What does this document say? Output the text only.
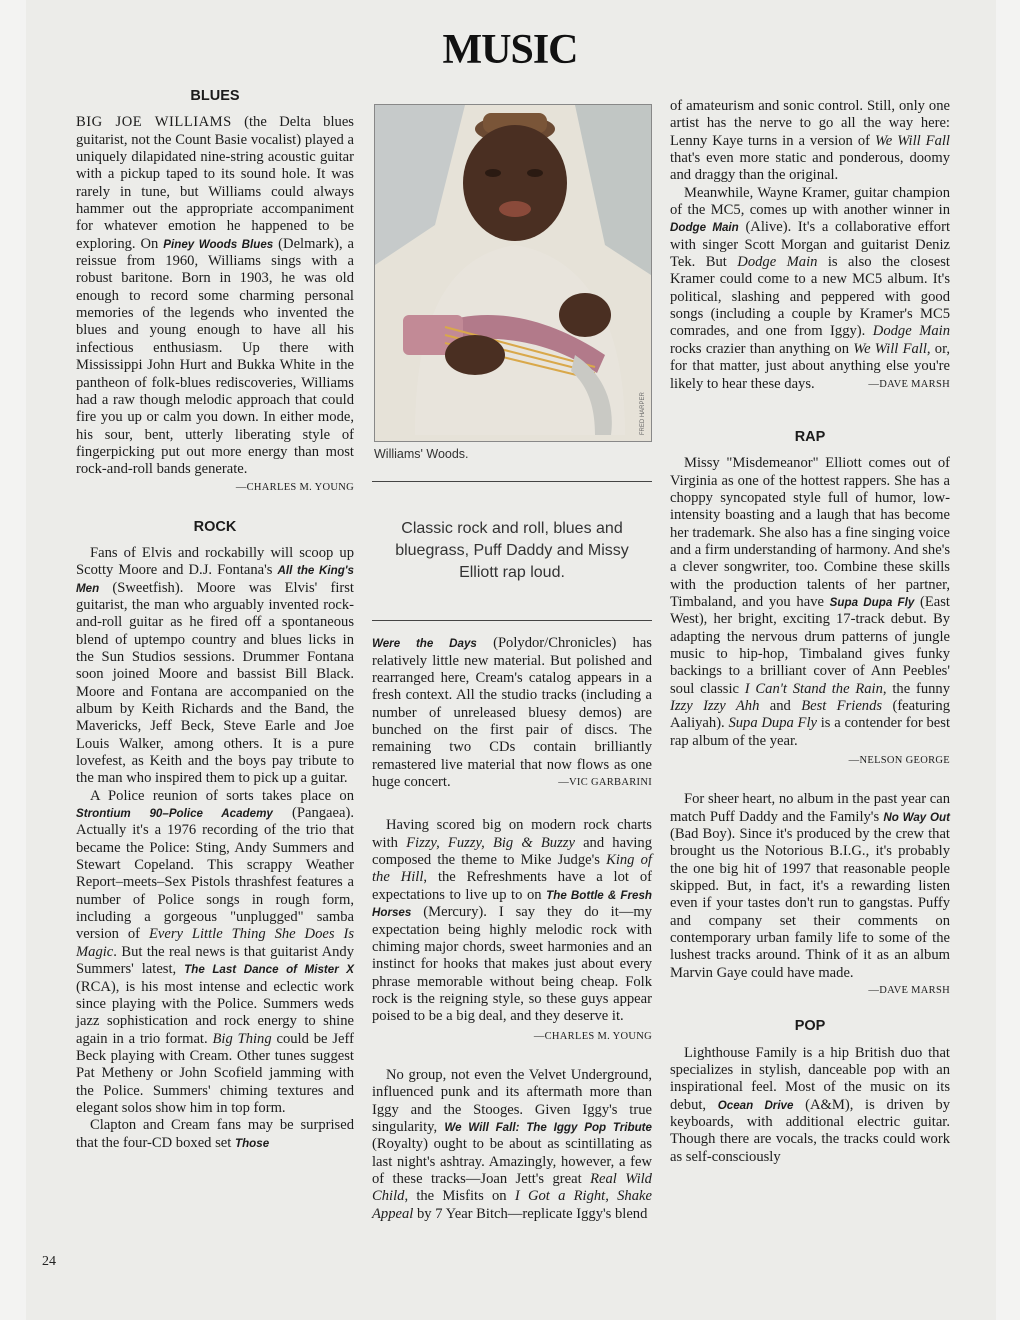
MUSIC
BLUES

BIG JOE WILLIAMS (the Delta blues guitarist, not the Count Basie vocalist) played a uniquely dilapidated nine-string acoustic guitar with a pickup taped to its sound hole. It was rarely in tune, but Williams could always hammer out the appropriate accompaniment for whatever emotion he happened to be exploring. On Piney Woods Blues (Delmark), a reissue from 1960, Williams sings with a robust baritone. Born in 1903, he was old enough to record some charming personal memories of the legends who invented the blues and young enough to have all his infectious enthusiasm. Up there with Mississippi John Hurt and Bukka White in the pantheon of folk-blues rediscoveries, Williams had a raw though melodic approach that could fire you up or calm you down. In either mode, his sour, bent, utterly liberating style of fingerpicking put out more energy than most rock-and-roll bands generate.
—CHARLES M. YOUNG

ROCK

Fans of Elvis and rockabilly will scoop up Scotty Moore and D.J. Fontana's All the King's Men (Sweetfish). Moore was Elvis' first guitarist, the man who arguably invented rock-and-roll guitar as he fired off a spontaneous blend of uptempo country and blues licks in the Sun Studios sessions. Drummer Fontana soon joined Moore and bassist Bill Black. Moore and Fontana are accompanied on the album by Keith Richards and the Band, the Mavericks, Jeff Beck, Steve Earle and Joe Louis Walker, among others. It is a pure lovefest, as Keith and the boys pay tribute to the man who inspired them to pick up a guitar.

A Police reunion of sorts takes place on Strontium 90–Police Academy (Pangaea). Actually it's a 1976 recording of the trio that became the Police: Sting, Andy Summers and Stewart Copeland. This scrappy Weather Report–meets–Sex Pistols thrashfest features a number of Police songs in rough form, including a gorgeous "unplugged" samba version of Every Little Thing She Does Is Magic. But the real news is that guitarist Andy Summers' latest, The Last Dance of Mister X (RCA), is his most intense and eclectic work since playing with the Police. Summers weds jazz sophistication and rock energy to shine again in a trio format. Big Thing could be Jeff Beck playing with Cream. Other tunes suggest Pat Metheny or John Scofield jamming with the Police. Summers' chiming textures and elegant solos show him in top form.

Clapton and Cream fans may be surprised that the four-CD boxed set Those

FRED HARPER
Williams' Woods.
Classic rock and roll, blues and bluegrass, Puff Daddy and Missy Elliott rap loud.

Were the Days (Polydor/Chronicles) has relatively little new material. But polished and rearranged here, Cream's catalog appears in a fresh context. All the studio tracks (including a number of unreleased bluesy demos) are bunched on the first pair of discs. The remaining two CDs contain brilliantly remastered live material that now flows as one huge concert.	—VIC GARBARINI

Having scored big on modern rock charts with Fizzy, Fuzzy, Big & Buzzy and having composed the theme to Mike Judge's King of the Hill, the Refreshments have a lot of expectations to live up to on The Bottle & Fresh Horses (Mercury). I say they do it—my expectation being highly melodic rock with chiming major chords, sweet harmonies and an instinct for hooks that makes just about every phrase memorable without being cheap. Folk rock is the reigning style, so these guys appear poised to be a big deal, and they deserve it.

—CHARLES M. YOUNG

No group, not even the Velvet Underground, influenced punk and its aftermath more than Iggy and the Stooges. Given Iggy's true singularity, We Will Fall: The Iggy Pop Tribute (Royalty) ought to be about as scintillating as last night's ashtray. Amazingly, however, a few of these tracks—Joan Jett's great Real Wild Child, the Misfits on I Got a Right, Shake Appeal by 7 Year Bitch—replicate Iggy's blend

of amateurism and sonic control. Still, only one artist has the nerve to go all the way here: Lenny Kaye turns in a version of We Will Fall that's even more static and ponderous, doomy and draggy than the original.

Meanwhile, Wayne Kramer, guitar champion of the MC5, comes up with another winner in Dodge Main (Alive). It's a collaborative effort with singer Scott Morgan and guitarist Deniz Tek. But Dodge Main is also the closest Kramer could come to a new MC5 album. It's political, slashing and peppered with good songs (including a couple by Kramer's MC5 comrades, and one from Iggy). Dodge Main rocks crazier than anything on We Will Fall, or, for that matter, just about anything else you're likely to hear these days.	—DAVE MARSH

RAP

Missy "Misdemeanor" Elliott comes out of Virginia as one of the hottest rappers. She has a choppy syncopated style full of humor, low-intensity boasting and a laugh that has become her trademark. She also has a fine singing voice and a firm understanding of harmony. And she's a clever songwriter, too. Combine these skills with the production talents of her partner, Timbaland, and you have Supa Dupa Fly (East West), her bright, exciting 17-track debut. By adapting the nervous drum patterns of jungle music to hip-hop, Timbaland gives funky backings to a brilliant cover of Ann Peebles' soul classic I Can't Stand the Rain, the funny Izzy Izzy Ahh and Best Friends (featuring Aaliyah). Supa Dupa Fly is a contender for best rap album of the year.

—NELSON GEORGE

For sheer heart, no album in the past year can match Puff Daddy and the Family's No Way Out (Bad Boy). Since it's produced by the crew that brought us the Notorious B.I.G., it's probably the one big hit of 1997 that reasonable people skipped. But, in fact, it's a rewarding listen even if your tastes don't run to gangstas. Puffy and company set their comments on contemporary urban family life to some of the lushest tracks around. Think of it as an album Marvin Gaye could have made.
—DAVE MARSH

POP

Lighthouse Family is a hip British duo that specializes in stylish, danceable pop with an inspirational feel. Most of the music on its debut, Ocean Drive (A&M), is driven by keyboards, with additional electric guitar. Though there are vocals, the tracks could work as self-consciously

24
